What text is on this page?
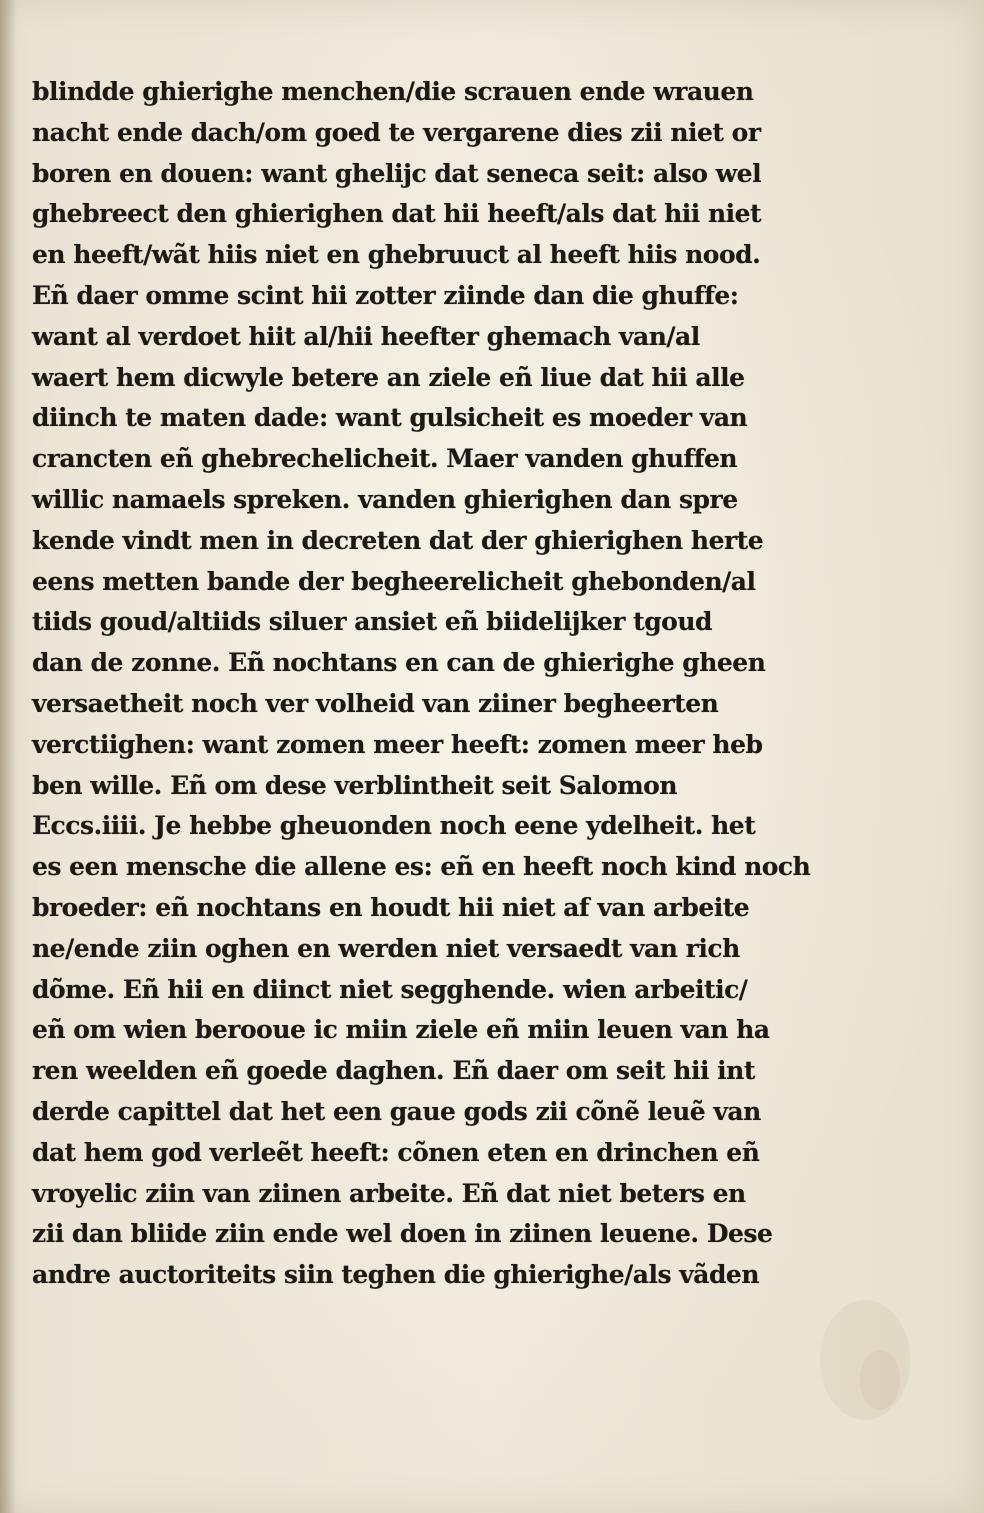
blindde ghierighe menchen/die scrauen ende wrauen
nacht ende dach/om goed te vergarene dies zii niet or
boren en douen: want ghelijc dat seneca seit: also wel
ghebreect den ghierighen dat hii heeft/als dat hii niet
en heeft/wãt hiis niet en ghebruuct al heeft hiis nood.
Eñ daer omme scint hii zotter ziinde dan die ghuffe:
want al verdoet hiit al/hii heefter ghemach van/al
waert hem dicwyle betere an ziele eñ liue dat hii alle
diinch te maten dade: want gulsicheit es moeder van
crancten eñ ghebrechelicheit. Maer vanden ghuffen
willic namaels spreken. vanden ghierighen dan spre
kende vindt men in decreten dat der ghierighen herte
eens metten bande der begheerelicheit ghebonden/al
tiids goud/altiids siluer ansiet eñ biidelijker tgoud
dan de zonne. Eñ nochtans en can de ghierighe gheen
versaetheit noch ver volheid van ziiner begheerten
verctiighen: want zomen meer heeft: zomen meer heb
ben wille. Eñ om dese verblintheit seit Salomon
Eccs.iiii. Je hebbe gheuonden noch eene ydelheit. het
es een mensche die allene es: eñ en heeft noch kind noch
broeder: eñ nochtans en houdt hii niet af van arbeite
ne/ende ziin oghen en werden niet versaedt van rich
dõme. Eñ hii en diinct niet segghende. wien arbeitic/
eñ om wien berooue ic miin ziele eñ miin leuen van ha
ren weelden eñ goede daghen. Eñ daer om seit hii int
derde capittel dat het een gaue gods zii cõnẽ leuẽ van
dat hem god verleẽt heeft: cõnen eten en drinchen eñ
vroyelic ziin van ziinen arbeite. Eñ dat niet beters en
zii dan bliide ziin ende wel doen in ziinen leuene. Dese
andre auctoriteits siin teghen die ghierighe/als vãden
